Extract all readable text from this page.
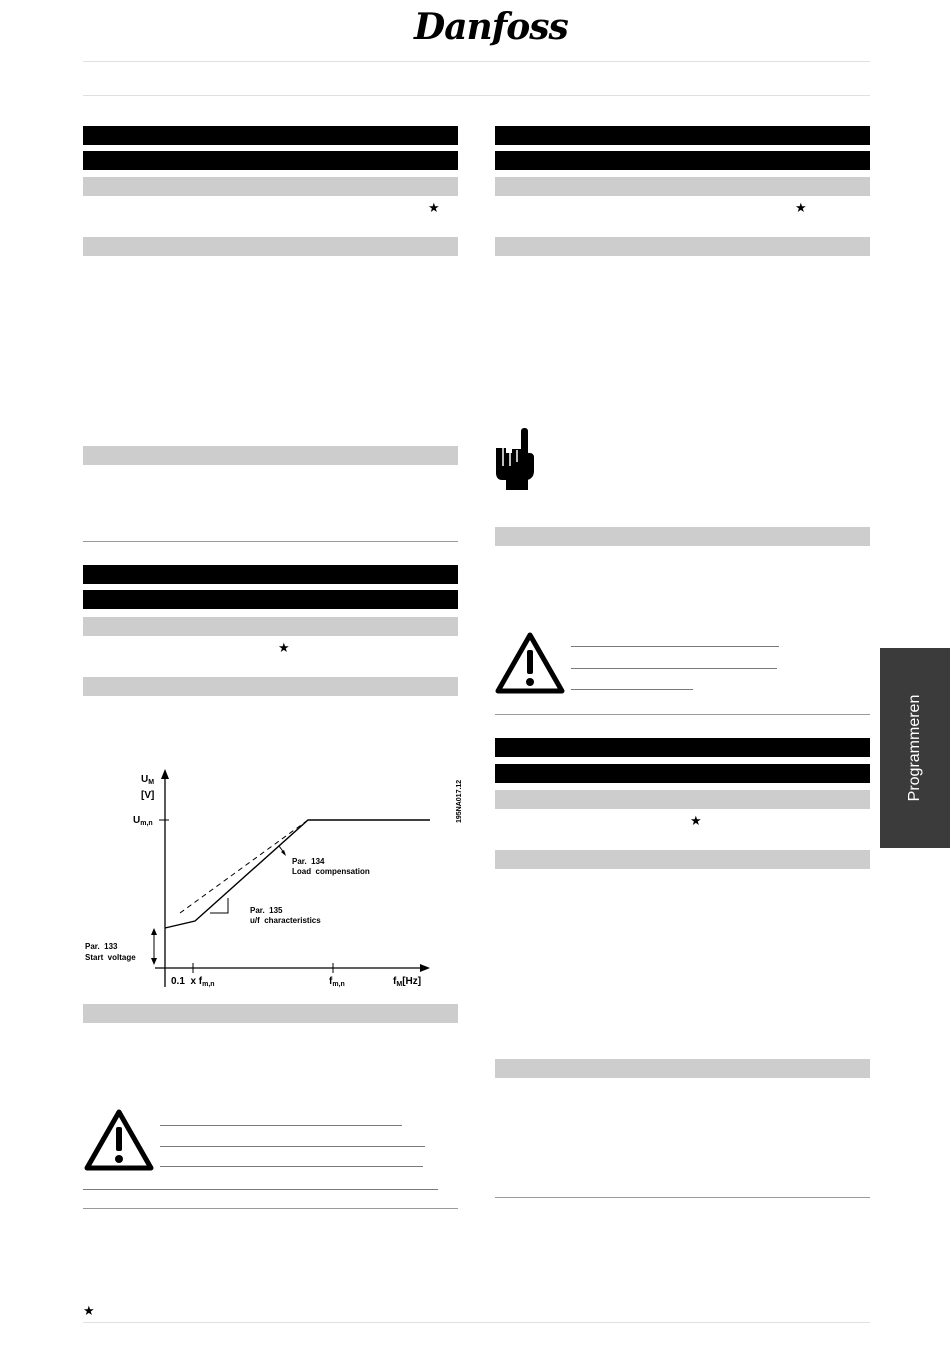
Danfoss
★
★
$U_M$
[V]
$U_{m,n}$
0.1  x $f_{m,n}$	$f_{m,n}$	$f_M[Hz]$
Par.  134
Load  compensation
Par.  135
u/f  characteristics
Par.  133
Start  voltage
195NA017.12
★
★
Programmeren
★
